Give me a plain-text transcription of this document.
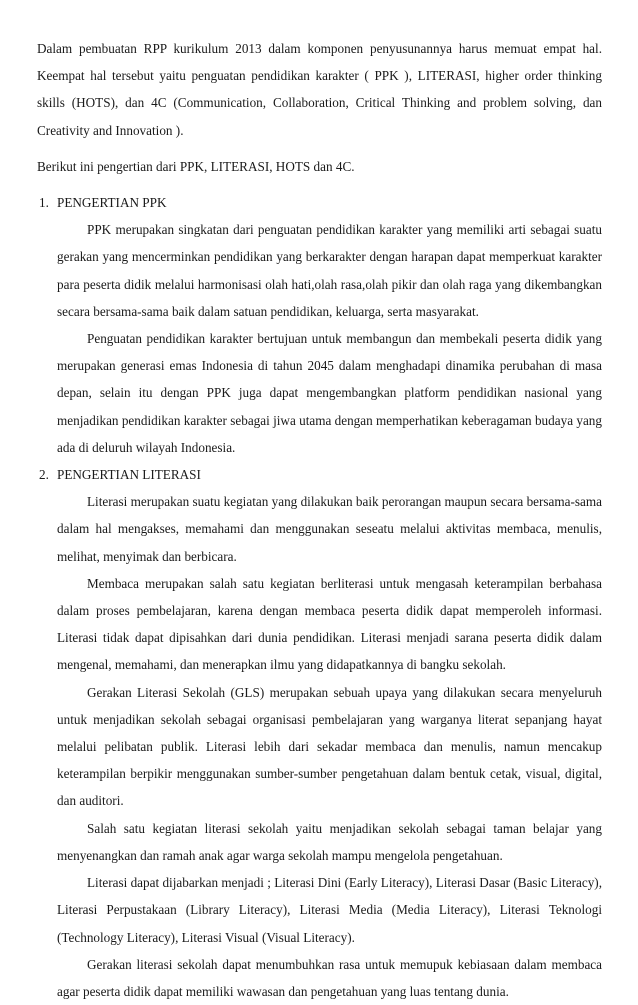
Dalam pembuatan RPP kurikulum 2013 dalam komponen penyusunannya harus memuat empat hal. Keempat hal tersebut yaitu penguatan pendidikan karakter ( PPK ), LITERASI, higher order thinking skills (HOTS), dan 4C (Communication, Collaboration, Critical Thinking and problem solving, dan Creativity and Innovation ).

Berikut ini pengertian dari PPK, LITERASI, HOTS dan 4C.

1. PENGERTIAN PPK

PPK merupakan singkatan dari penguatan pendidikan karakter yang memiliki arti sebagai suatu gerakan yang mencerminkan pendidikan yang berkarakter dengan harapan dapat memperkuat karakter para peserta didik melalui harmonisasi olah hati,olah rasa,olah pikir dan olah raga yang dikembangkan secara bersama-sama baik dalam satuan pendidikan, keluarga, serta masyarakat.

Penguatan pendidikan karakter bertujuan untuk membangun dan membekali peserta didik yang merupakan generasi emas Indonesia di tahun 2045 dalam menghadapi dinamika perubahan di masa depan, selain itu dengan PPK juga dapat mengembangkan platform pendidikan nasional yang menjadikan pendidikan karakter sebagai jiwa utama dengan memperhatikan keberagaman budaya yang ada di deluruh wilayah Indonesia.

2. PENGERTIAN LITERASI

Literasi merupakan suatu kegiatan yang dilakukan baik perorangan maupun secara bersama-sama dalam hal mengakses, memahami dan menggunakan seseatu melalui aktivitas membaca, menulis, melihat, menyimak dan berbicara.

Membaca merupakan salah satu kegiatan berliterasi untuk mengasah keterampilan berbahasa dalam proses pembelajaran, karena dengan membaca peserta didik dapat memperoleh informasi. Literasi tidak dapat dipisahkan dari dunia pendidikan. Literasi menjadi sarana peserta didik dalam mengenal, memahami, dan menerapkan ilmu yang didapatkannya di bangku sekolah.

Gerakan Literasi Sekolah (GLS) merupakan sebuah upaya yang dilakukan secara menyeluruh untuk menjadikan sekolah sebagai organisasi pembelajaran yang warganya literat sepanjang hayat melalui pelibatan publik. Literasi lebih dari sekadar membaca dan menulis, namun mencakup keterampilan berpikir menggunakan sumber-sumber pengetahuan dalam bentuk cetak, visual, digital, dan auditori.

Salah satu kegiatan literasi sekolah yaitu menjadikan sekolah sebagai taman belajar yang menyenangkan dan ramah anak agar warga sekolah mampu mengelola pengetahuan.

Literasi dapat dijabarkan menjadi ; Literasi Dini (Early Literacy), Literasi Dasar (Basic Literacy), Literasi Perpustakaan (Library Literacy), Literasi Media (Media Literacy), Literasi Teknologi (Technology Literacy), Literasi Visual (Visual Literacy).

Gerakan literasi sekolah dapat menumbuhkan rasa untuk memupuk kebiasaan dalam membaca agar peserta didik dapat memiliki wawasan dan pengetahuan yang luas tentang dunia.
